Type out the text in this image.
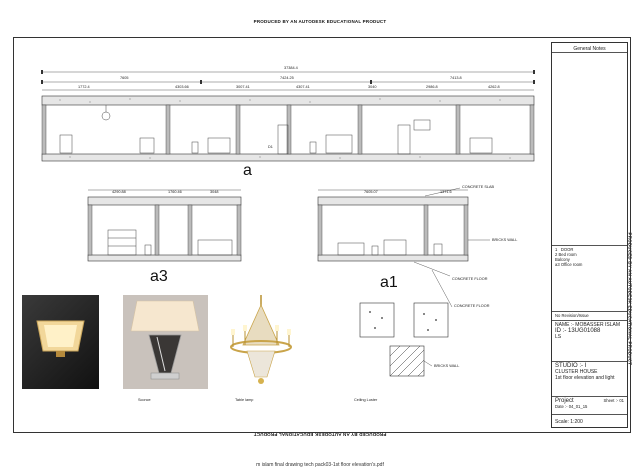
PRODUCED BY AN AUTODESK EDUCATIONAL PRODUCT
PRODUCED BY AN AUTODESK EDUCATIONAL PRODUCT
PRODUCED BY AN AUTODESK EDUCATIONAL PRODUCT
37384.4
7605	7424.25	7413.8
1772.4	4303.66	3007.41	4307.41	3040	2986.8	4262.8
4290.88	1760.46	3048	7605.07	1371.6
CONCRETE SLAB
BRICKS WALL
CONCRETE FLOOR
CONCRETE FLOOR
BRICKS WALL
D1
a
a3	a1
Sconce	Table lamp	Ceiling Luster
General Notes
1 DOOR
2 Bed room
Balcony
a3 Office room
No Revision/Issue
NAME :- MOBASSER ISLAM
ID :- 13UG01088
LS
STUDIO :- I
CLUSTER HOUSE
1st floor elevation and light
Project	Sheet :- 01
Date :- 04_01_15
Scale: 1:200
m islam final drawing tech pack03-1st floor elevation's.pdf
